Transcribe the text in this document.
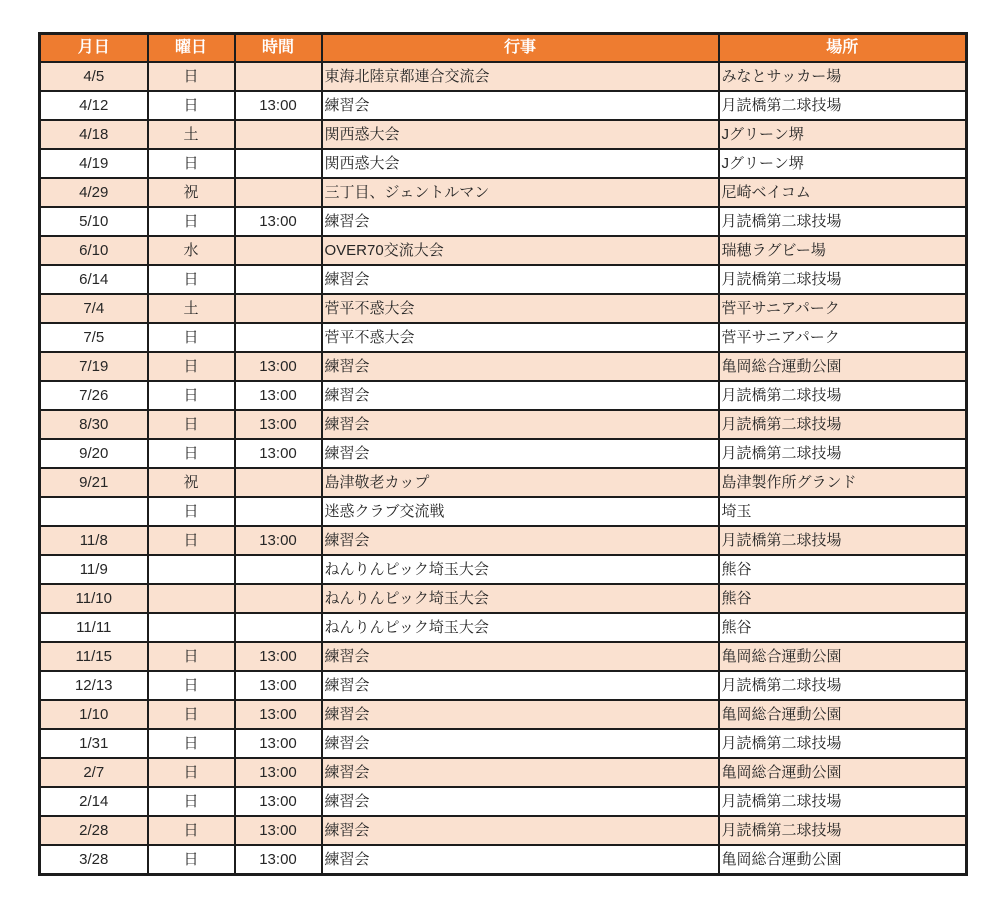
月日	曜日	時間	行事	場所
4/5	日		東海北陸京都連合交流会	みなとサッカー場
4/12	日	13:00	練習会	月読橋第二球技場
4/18	土		関西惑大会	Jグリーン堺
4/19	日		関西惑大会	Jグリーン堺
4/29	祝		三丁目、ジェントルマン	尼崎ベイコム
5/10	日	13:00	練習会	月読橋第二球技場
6/10	水		OVER70交流大会	瑞穂ラグビー場
6/14	日		練習会	月読橋第二球技場
7/4	土		菅平不惑大会	菅平サニアパーク
7/5	日		菅平不惑大会	菅平サニアパーク
7/19	日	13:00	練習会	亀岡総合運動公園
7/26	日	13:00	練習会	月読橋第二球技場
8/30	日	13:00	練習会	月読橋第二球技場
9/20	日	13:00	練習会	月読橋第二球技場
9/21	祝		島津敬老カップ	島津製作所グランド
	日		迷惑クラブ交流戦	埼玉
11/8	日	13:00	練習会	月読橋第二球技場
11/9			ねんりんピック埼玉大会	熊谷
11/10			ねんりんピック埼玉大会	熊谷
11/11			ねんりんピック埼玉大会	熊谷
11/15	日	13:00	練習会	亀岡総合運動公園
12/13	日	13:00	練習会	月読橋第二球技場
1/10	日	13:00	練習会	亀岡総合運動公園
1/31	日	13:00	練習会	月読橋第二球技場
2/7	日	13:00	練習会	亀岡総合運動公園
2/14	日	13:00	練習会	月読橋第二球技場
2/28	日	13:00	練習会	月読橋第二球技場
3/28	日	13:00	練習会	亀岡総合運動公園
